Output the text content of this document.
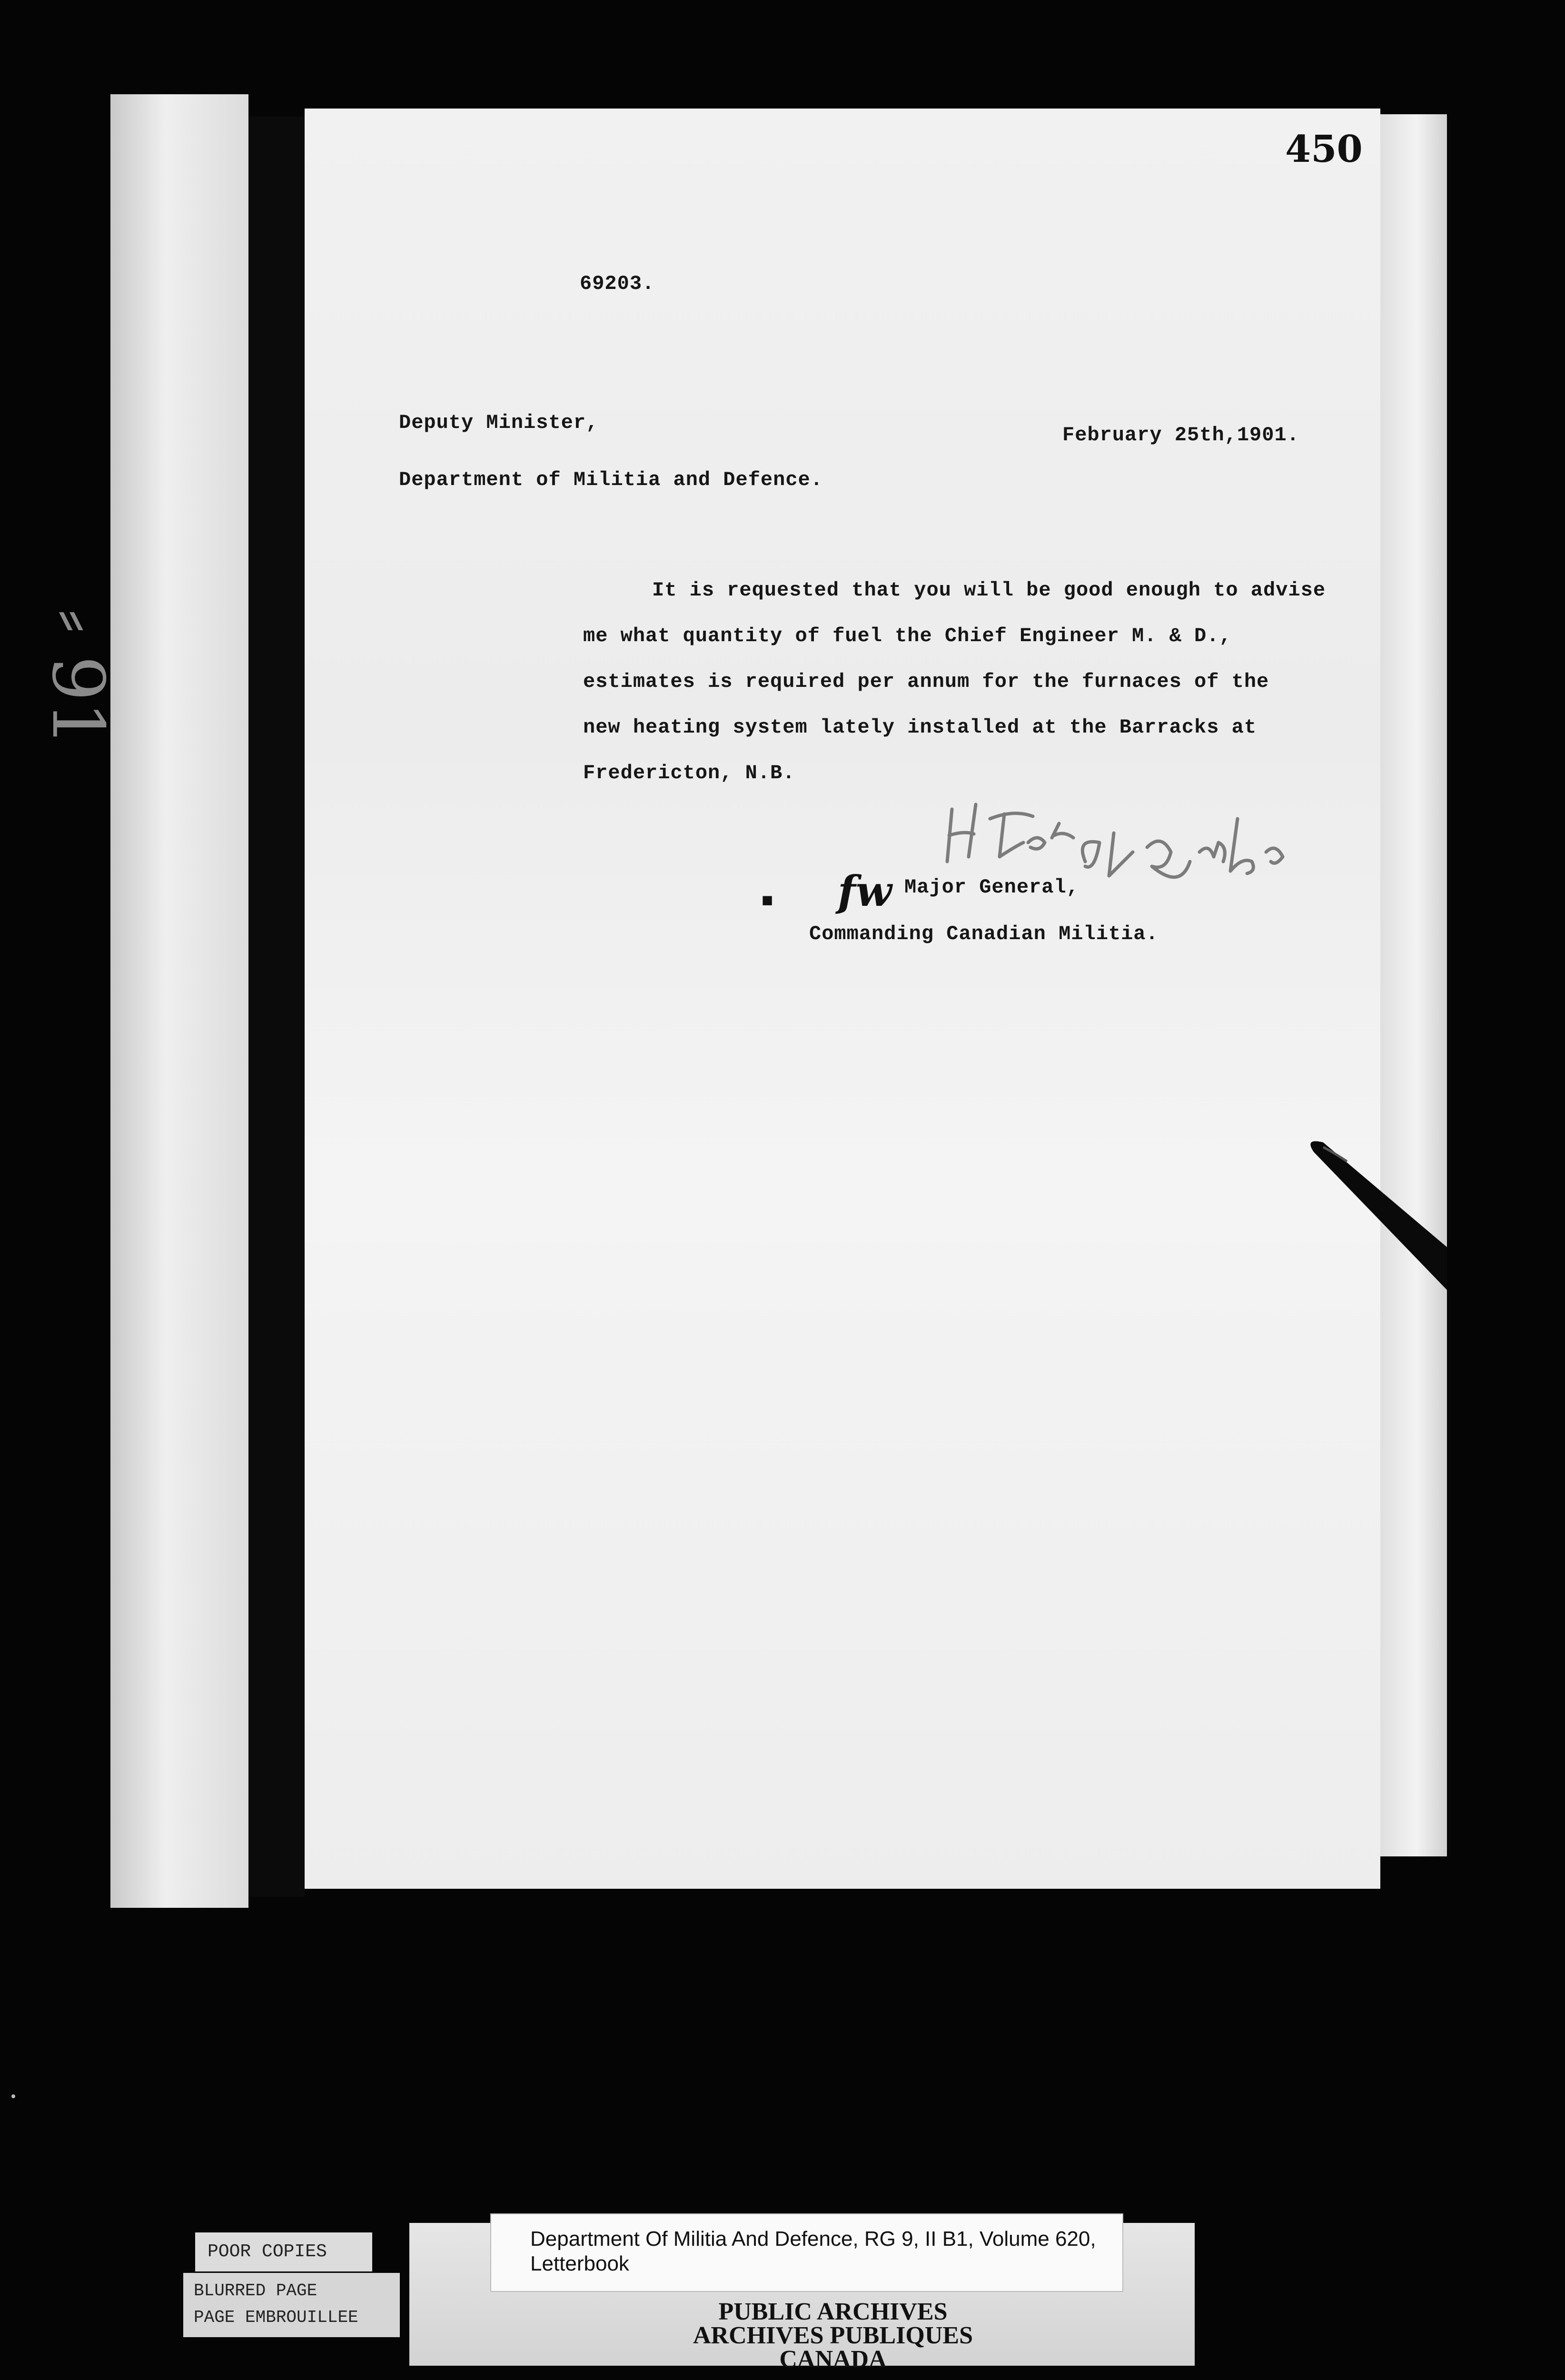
⸗ 91
450
69203.
Deputy Minister,
February 25th,1901.
Department of Militia and Defence.
It is requested that you will be good enough to advise
me what quantity of fuel the Chief Engineer M. & D.,
estimates is required per annum for the furnaces of the
new heating system lately installed at the Barracks at
Fredericton, N.B.
fw
■
Major General,
Commanding Canadian Militia.
POOR COPIES
BLURRED PAGE
PAGE EMBROUILLEE
Department Of Militia And Defence, RG 9, II B1, Volume 620,
Letterbook
PUBLIC ARCHIVES
ARCHIVES PUBLIQUES
CANADA
